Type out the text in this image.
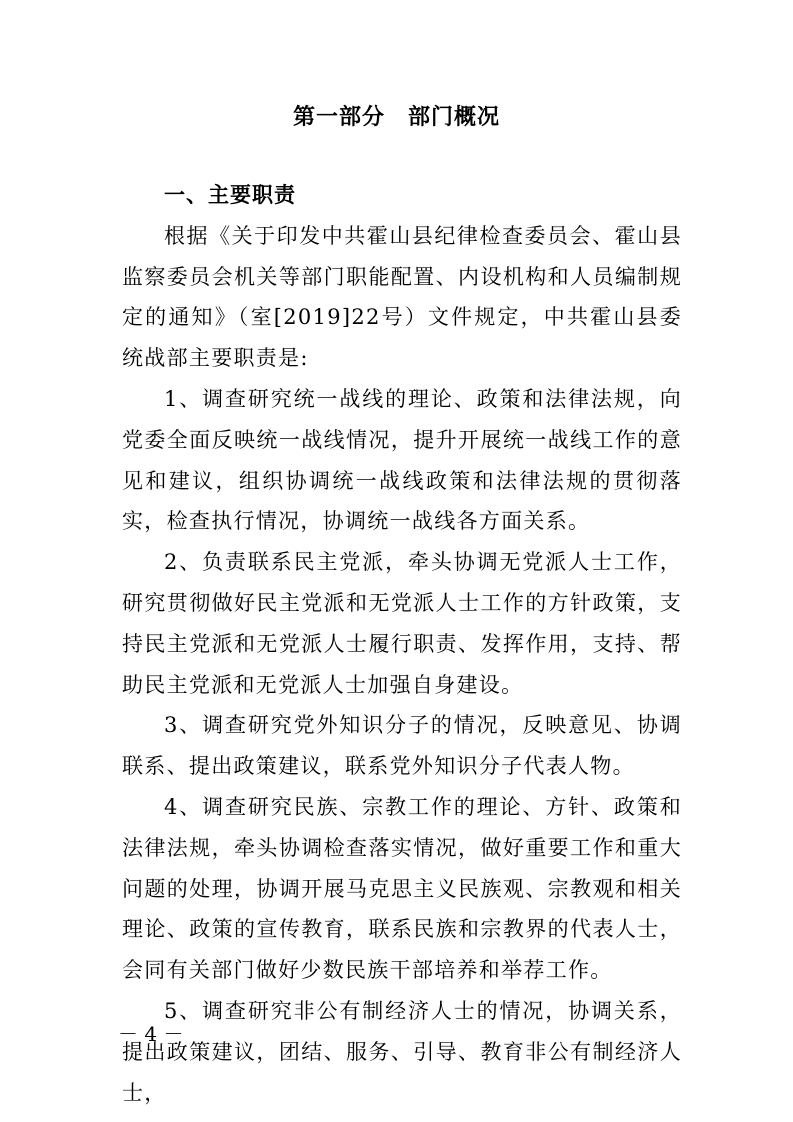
第一部分　部门概况

一、主要职责

根据《关于印发中共霍山县纪律检查委员会、霍山县监察委员会机关等部门职能配置、内设机构和人员编制规定的通知》（室[2019]22号）文件规定，中共霍山县委统战部主要职责是:

1、调查研究统一战线的理论、政策和法律法规，向党委全面反映统一战线情况，提升开展统一战线工作的意见和建议，组织协调统一战线政策和法律法规的贯彻落实，检查执行情况，协调统一战线各方面关系。

2、负责联系民主党派，牵头协调无党派人士工作，研究贯彻做好民主党派和无党派人士工作的方针政策，支持民主党派和无党派人士履行职责、发挥作用，支持、帮助民主党派和无党派人士加强自身建设。

3、调查研究党外知识分子的情况，反映意见、协调联系、提出政策建议，联系党外知识分子代表人物。

4、调查研究民族、宗教工作的理论、方针、政策和法律法规，牵头协调检查落实情况，做好重要工作和重大问题的处理，协调开展马克思主义民族观、宗教观和相关理论、政策的宣传教育，联系民族和宗教界的代表人士，会同有关部门做好少数民族干部培养和举荐工作。

5、调查研究非公有制经济人士的情况，协调关系，提出政策建议，团结、服务、引导、教育非公有制经济人士，

－ 4 －
